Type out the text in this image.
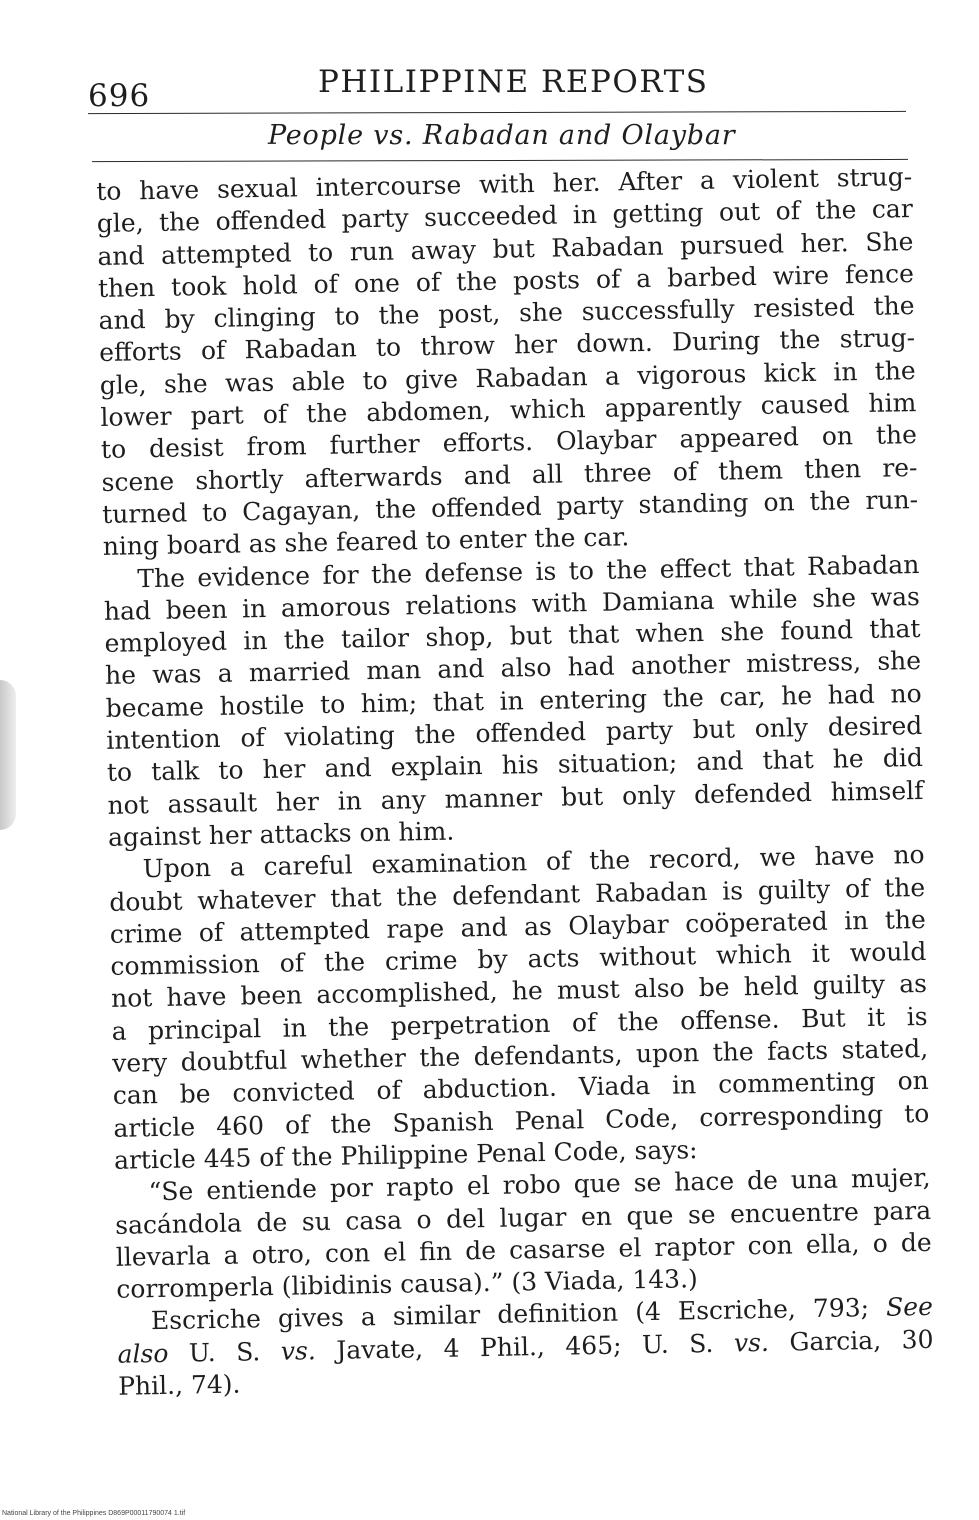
696	PHILIPPINE REPORTS
People vs. Rabadan and Olaybar
to have sexual intercourse with her. After a violent strug-
gle, the offended party succeeded in getting out of the car
and attempted to run away but Rabadan pursued her. She
then took hold of one of the posts of a barbed wire fence
and by clinging to the post, she successfully resisted the
efforts of Rabadan to throw her down. During the strug-
gle, she was able to give Rabadan a vigorous kick in the
lower part of the abdomen, which apparently caused him
to desist from further efforts. Olaybar appeared on the
scene shortly afterwards and all three of them then re-
turned to Cagayan, the offended party standing on the run-
ning board as she feared to enter the car.
The evidence for the defense is to the effect that Rabadan
had been in amorous relations with Damiana while she was
employed in the tailor shop, but that when she found that
he was a married man and also had another mistress, she
became hostile to him; that in entering the car, he had no
intention of violating the offended party but only desired
to talk to her and explain his situation; and that he did
not assault her in any manner but only defended himself
against her attacks on him.
Upon a careful examination of the record, we have no
doubt whatever that the defendant Rabadan is guilty of the
crime of attempted rape and as Olaybar coöperated in the
commission of the crime by acts without which it would
not have been accomplished, he must also be held guilty as
a principal in the perpetration of the offense. But it is
very doubtful whether the defendants, upon the facts stated,
can be convicted of abduction. Viada in commenting on
article 460 of the Spanish Penal Code, corresponding to
article 445 of the Philippine Penal Code, says:
“Se entiende por rapto el robo que se hace de una mujer,
sacándola de su casa o del lugar en que se encuentre para
llevarla a otro, con el fin de casarse el raptor con ella, o de
corromperla (libidinis causa).” (3 Viada, 143.)
Escriche gives a similar definition (4 Escriche, 793; See
also U. S. vs. Javate, 4 Phil., 465; U. S. vs. Garcia, 30
Phil., 74).
National Library of the Philippines D869P00011790074 1.tif
